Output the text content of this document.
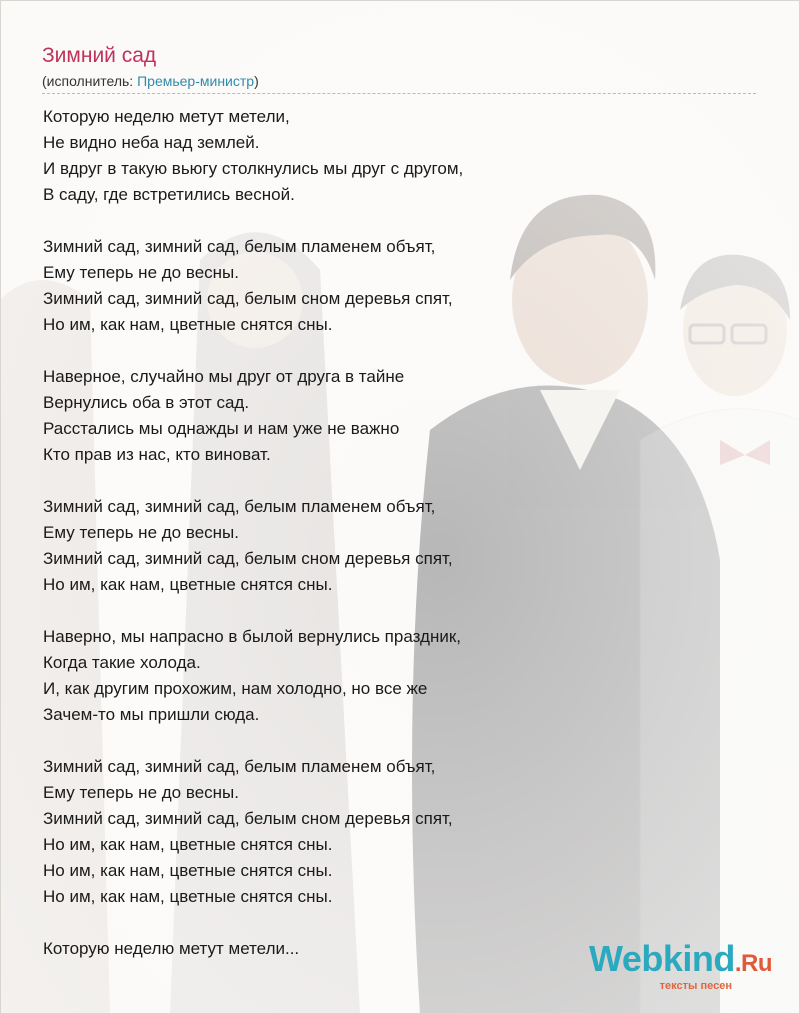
Зимний сад
(исполнитель: Премьер-министр)
Которую неделю метут метели,
Не видно неба над землей.
И вдруг в такую вьюгу столкнулись мы друг с другом,
В саду, где встретились весной.
Зимний сад, зимний сад, белым пламенем объят,
Ему теперь не до весны.
Зимний сад, зимний сад, белым сном деревья спят,
Но им, как нам, цветные снятся сны.
Наверное, случайно мы друг от друга в тайне
Вернулись оба в этот сад.
Расстались мы однажды и нам уже не важно
Кто прав из нас, кто виноват.
Зимний сад, зимний сад, белым пламенем объят,
Ему теперь не до весны.
Зимний сад, зимний сад, белым сном деревья спят,
Но им, как нам, цветные снятся сны.
Наверно, мы напрасно в былой вернулись праздник,
Когда такие холода.
И, как другим прохожим, нам холодно, но все же
Зачем-то мы пришли сюда.
Зимний сад, зимний сад, белым пламенем объят,
Ему теперь не до весны.
Зимний сад, зимний сад, белым сном деревья спят,
Но им, как нам, цветные снятся сны.
Но им, как нам, цветные снятся сны.
Но им, как нам, цветные снятся сны.
Которую неделю метут метели...	Webkind.Ru
тексты песен
